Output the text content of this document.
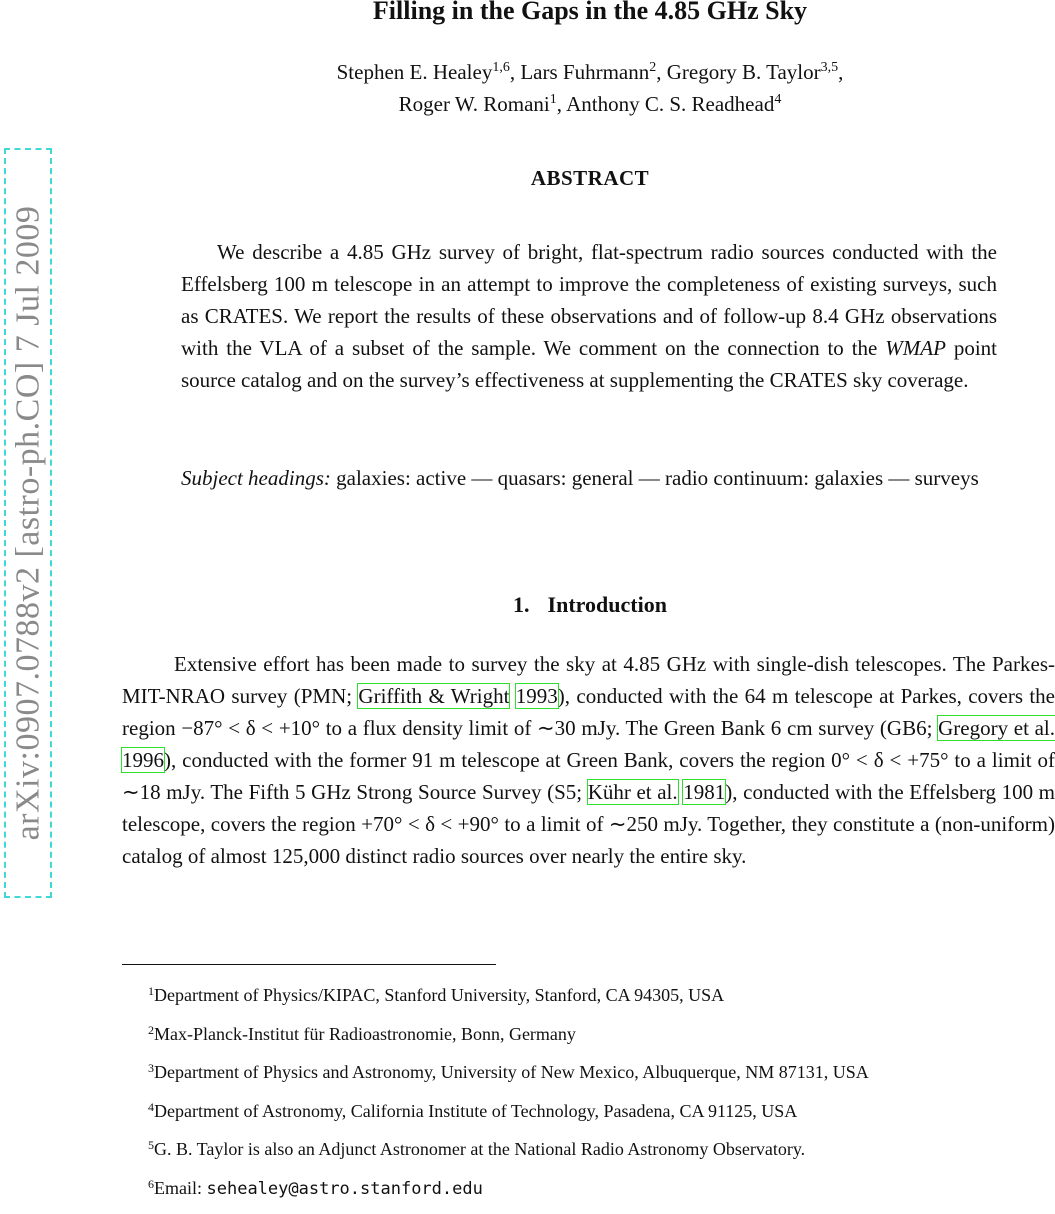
arXiv:0907.0788v2 [astro-ph.CO] 7 Jul 2009
Filling in the Gaps in the 4.85 GHz Sky
Stephen E. Healey$^{1,6}$, Lars Fuhrmann$^2$, Gregory B. Taylor$^{3,5}$,
Roger W. Romani$^1$, Anthony C. S. Readhead$^4$
ABSTRACT

We describe a 4.85 GHz survey of bright, flat-spectrum radio sources conducted with the Effelsberg 100 m telescope in an attempt to improve the completeness of existing surveys, such as CRATES. We report the results of these observations and of follow-up 8.4 GHz observations with the VLA of a subset of the sample. We comment on the connection to the WMAP point source catalog and on the survey’s effectiveness at supplementing the CRATES sky coverage.

Subject headings: galaxies: active — quasars: general — radio continuum: galaxies — surveys

1. Introduction

Extensive effort has been made to survey the sky at 4.85 GHz with single-dish telescopes. The Parkes-MIT-NRAO survey (PMN; Griffith & Wright 1993), conducted with the 64 m telescope at Parkes, covers the region −87° < δ < +10° to a flux density limit of ∼30 mJy. The Green Bank 6 cm survey (GB6; Gregory et al. 1996), conducted with the former 91 m telescope at Green Bank, covers the region 0° < δ < +75° to a limit of ∼18 mJy. The Fifth 5 GHz Strong Source Survey (S5; Kühr et al. 1981), conducted with the Effelsberg 100 m telescope, covers the region +70° < δ < +90° to a limit of ∼250 mJy. Together, they constitute a (non-uniform) catalog of almost 125,000 distinct radio sources over nearly the entire sky.

$^1$Department of Physics/KIPAC, Stanford University, Stanford, CA 94305, USA
$^2$Max-Planck-Institut für Radioastronomie, Bonn, Germany
$^3$Department of Physics and Astronomy, University of New Mexico, Albuquerque, NM 87131, USA
$^4$Department of Astronomy, California Institute of Technology, Pasadena, CA 91125, USA
$^5$G. B. Taylor is also an Adjunct Astronomer at the National Radio Astronomy Observatory.
$^6$Email: sehealey@astro.stanford.edu
